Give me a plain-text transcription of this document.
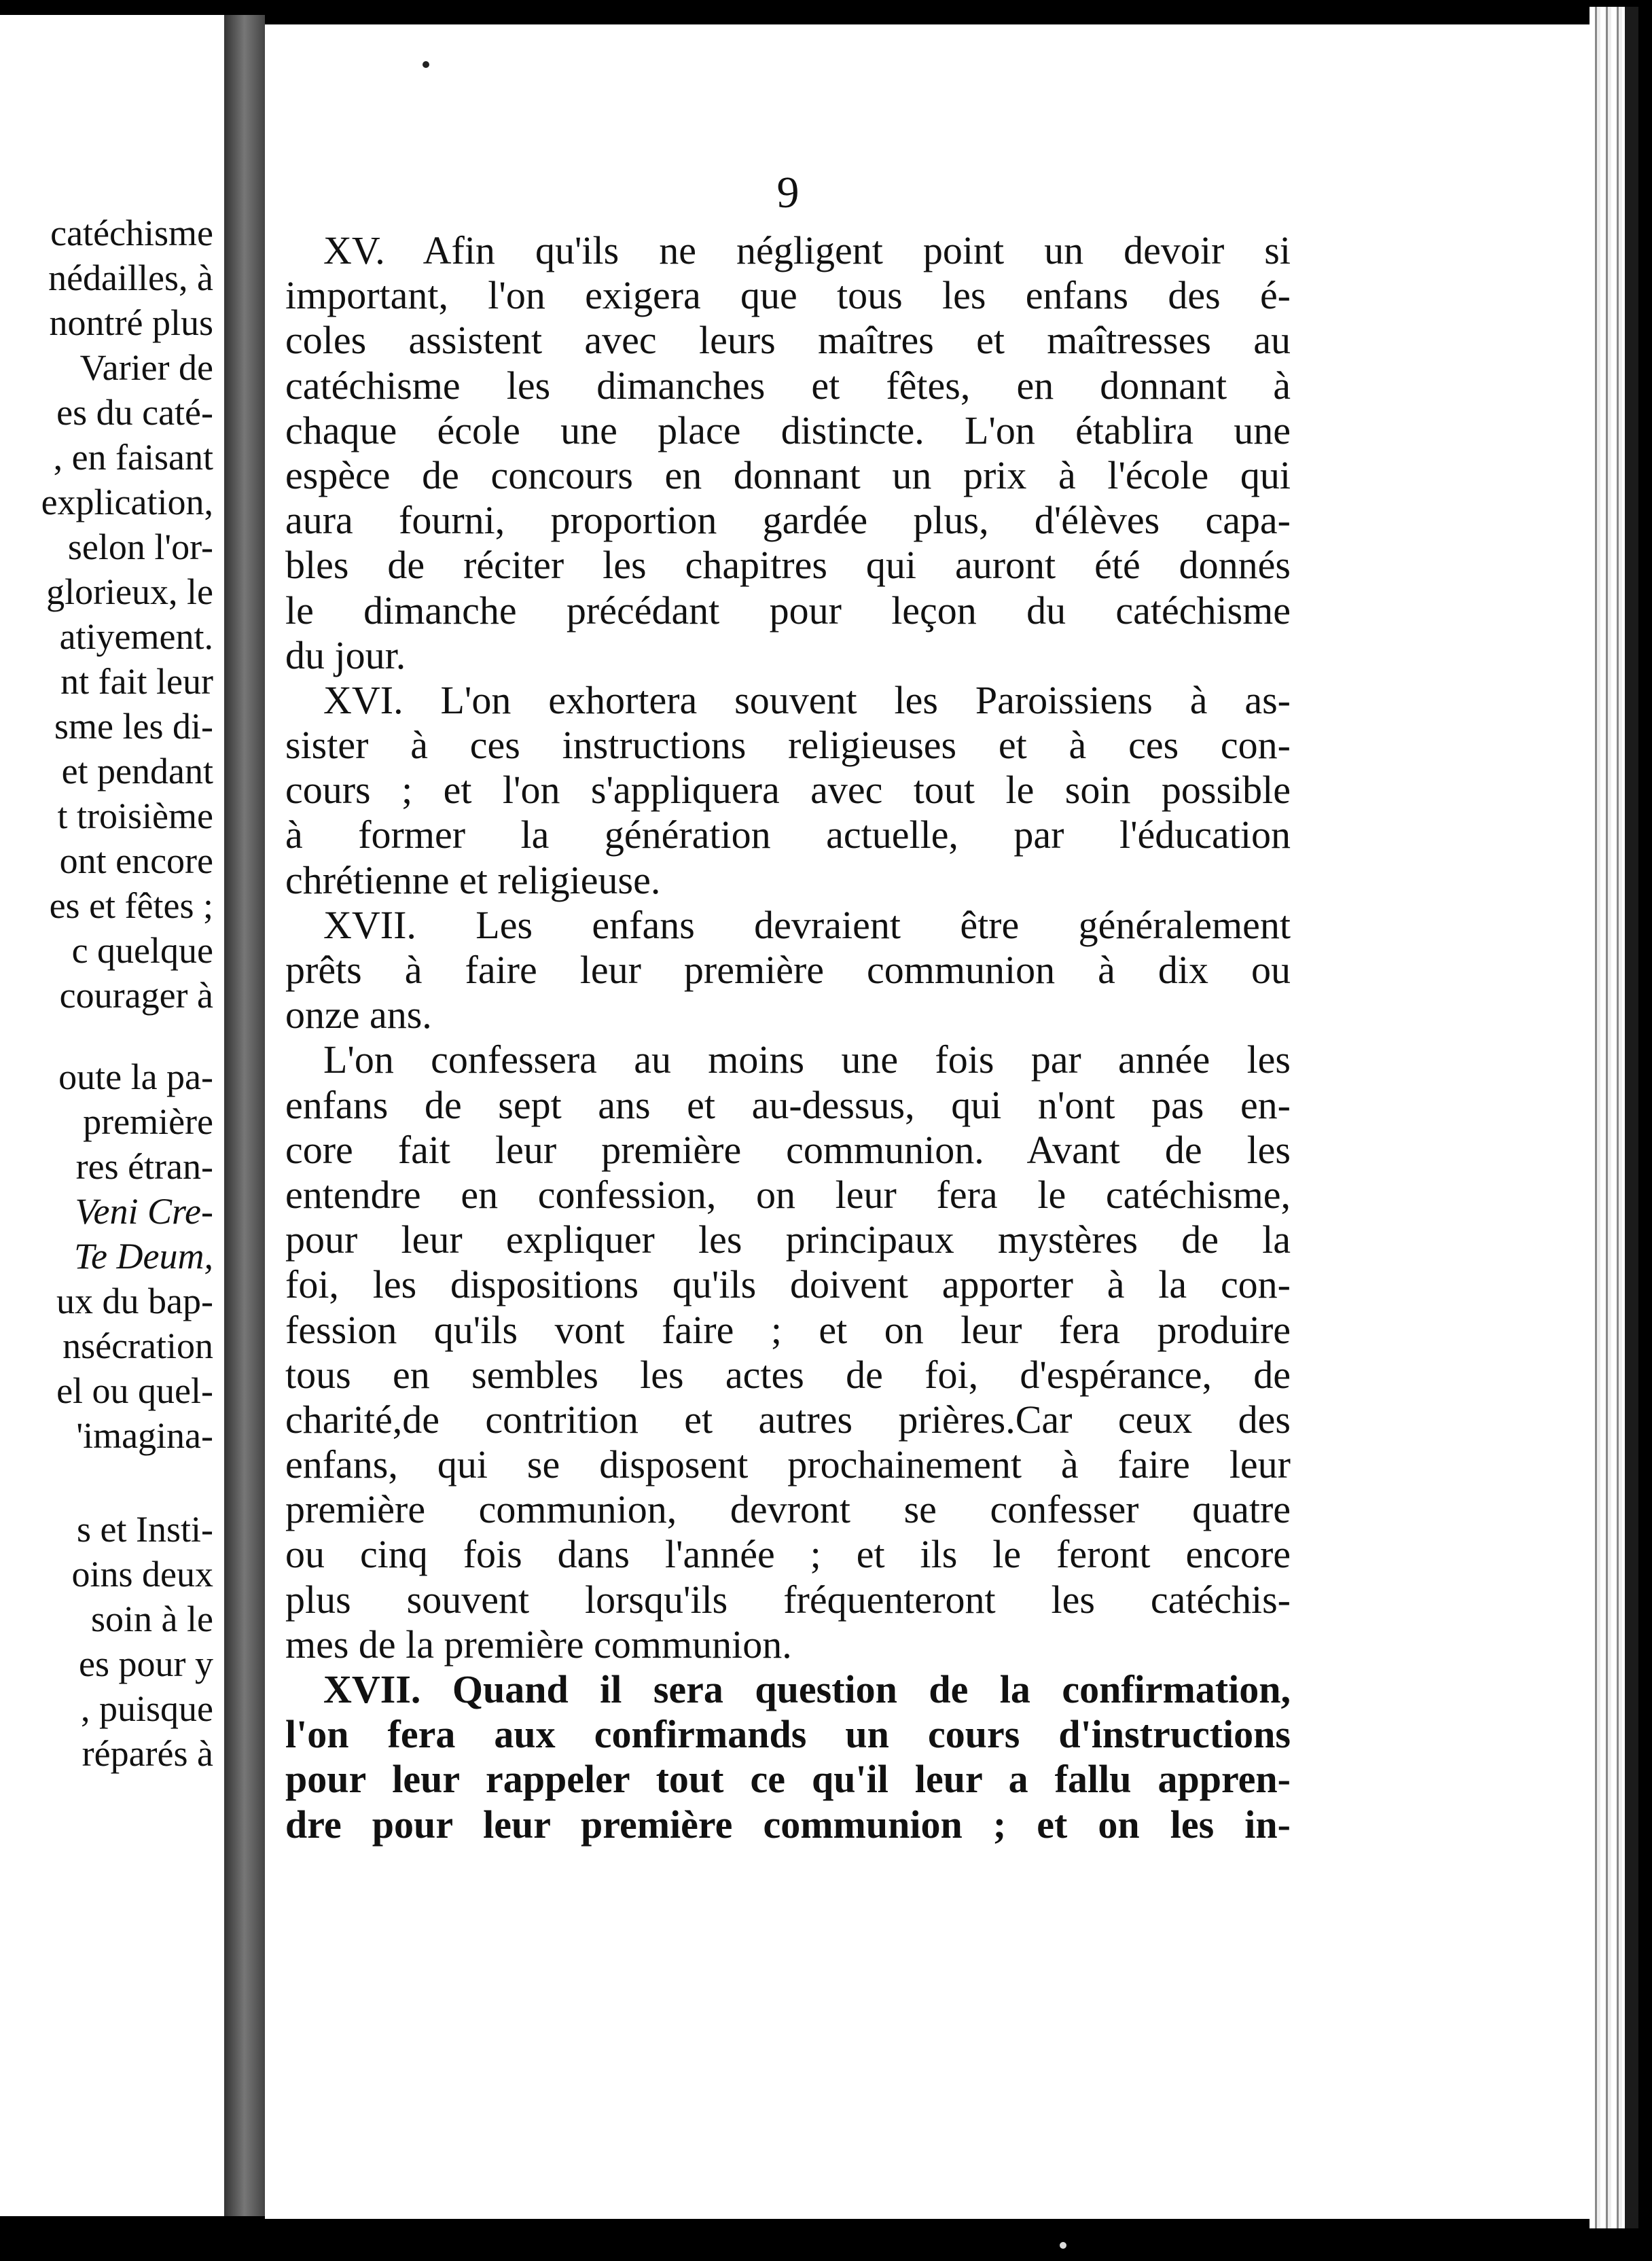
catéchisme
nédailles, à
nontré plus
Varier de
es du caté-
, en faisant
explication,
selon l'or-
glorieux, le
atiyement.
nt fait leur
sme les di-
et pendant
t troisième
ont encore
es et fêtes ;
c quelque
courager à
oute la pa-
première
res étran-
Veni Cre-
Te Deum,
ux du bap-
nsécration
el ou quel-
'imagina-
s et Insti-
oins deux
soin à le
es pour y
, puisque
réparés à
9
XV. Afin qu'ils ne négligent point un devoir si
important, l'on exigera que tous les enfans des é-
coles assistent avec leurs maîtres et maîtresses au
catéchisme les dimanches et fêtes, en donnant à
chaque école une place distincte. L'on établira une
espèce de concours en donnant un prix à l'école qui
aura fourni, proportion gardée plus, d'élèves capa-
bles de réciter les chapitres qui auront été donnés
le dimanche précédant pour leçon du catéchisme
du jour.
XVI. L'on exhortera souvent les Paroissiens à as-
sister à ces instructions religieuses et à ces con-
cours ; et l'on s'appliquera avec tout le soin possible
à former la génération actuelle, par l'éducation
chrétienne et religieuse.
XVII. Les enfans devraient être généralement
prêts à faire leur première communion à dix ou
onze ans.
L'on confessera au moins une fois par année les
enfans de sept ans et au-dessus, qui n'ont pas en-
core fait leur première communion. Avant de les
entendre en confession, on leur fera le catéchisme,
pour leur expliquer les principaux mystères de la
foi, les dispositions qu'ils doivent apporter à la con-
fession qu'ils vont faire ; et on leur fera produire
tous en sembles les actes de foi, d'espérance, de
charité,de contrition et autres prières.Car ceux des
enfans, qui se disposent prochainement à faire leur
première communion, devront se confesser quatre
ou cinq fois dans l'année ; et ils le feront encore
plus souvent lorsqu'ils fréquenteront les catéchis-
mes de la première communion.
XVII. Quand il sera question de la confirmation,
l'on fera aux confirmands un cours d'instructions
pour leur rappeler tout ce qu'il leur a fallu appren-
dre pour leur première communion ; et on les in-
